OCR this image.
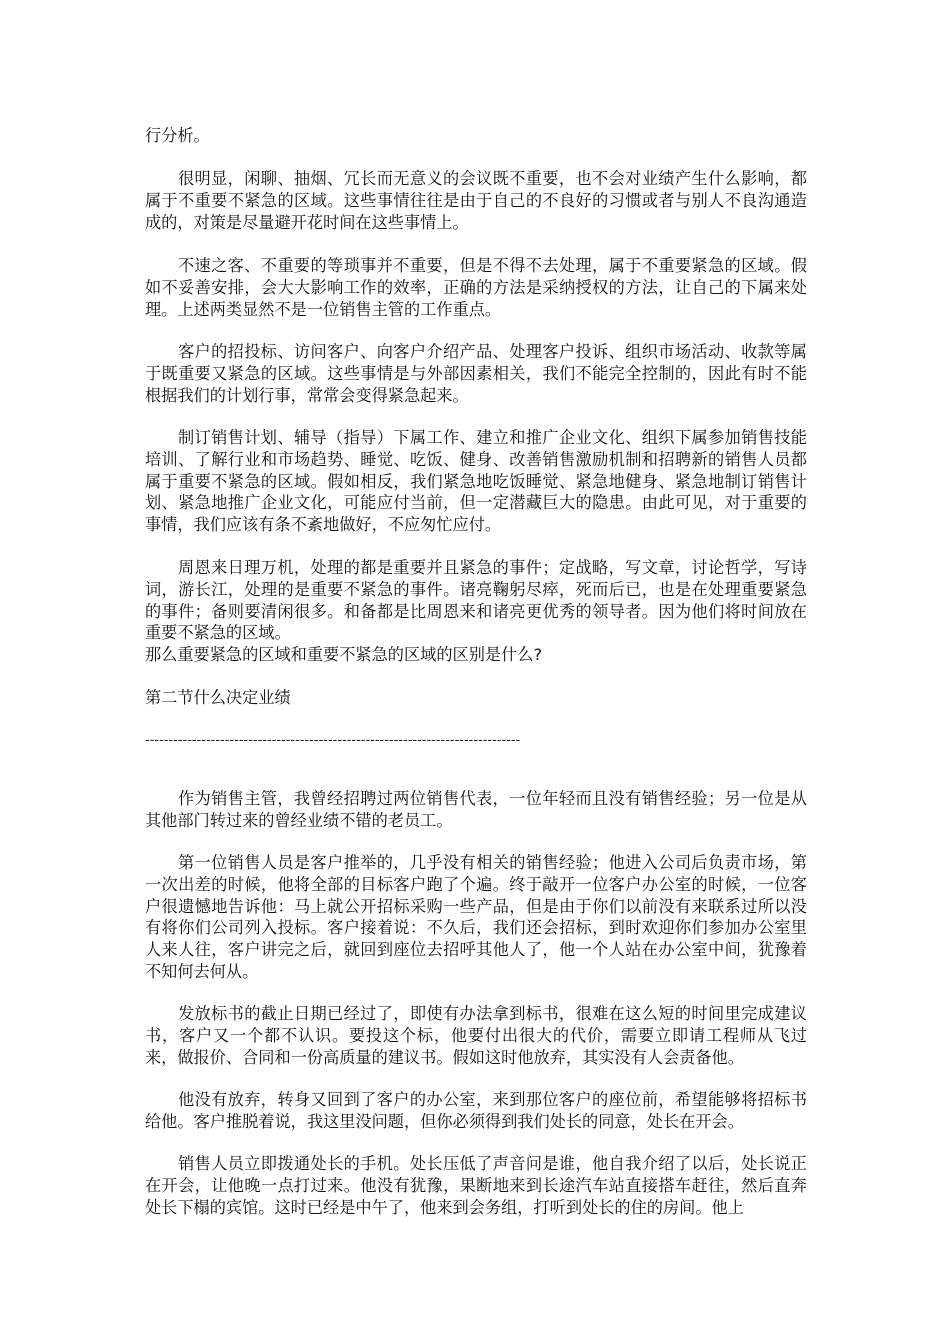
行分析。

很明显，闲聊、抽烟、冗长而无意义的会议既不重要，也不会对业绩产生什么影响，都属于不重要不紧急的区域。这些事情往往是由于自己的不良好的习惯或者与别人不良沟通造成的，对策是尽量避开花时间在这些事情上。

不速之客、不重要的等琐事并不重要，但是不得不去处理，属于不重要紧急的区域。假如不妥善安排，会大大影响工作的效率，正确的方法是采纳授权的方法，让自己的下属来处理。上述两类显然不是一位销售主管的工作重点。

客户的招投标、访问客户、向客户介绍产品、处理客户投诉、组织市场活动、收款等属于既重要又紧急的区域。这些事情是与外部因素相关，我们不能完全控制的，因此有时不能根据我们的计划行事，常常会变得紧急起来。

制订销售计划、辅导（指导）下属工作、建立和推广企业文化、组织下属参加销售技能培训、了解行业和市场趋势、睡觉、吃饭、健身、改善销售激励机制和招聘新的销售人员都属于重要不紧急的区域。假如相反，我们紧急地吃饭睡觉、紧急地健身、紧急地制订销售计划、紧急地推广企业文化，可能应付当前，但一定潜藏巨大的隐患。由此可见，对于重要的事情，我们应该有条不紊地做好，不应匆忙应付。

周恩来日理万机，处理的都是重要并且紧急的事件；定战略，写文章，讨论哲学，写诗词，游长江，处理的是重要不紧急的事件。诸亮鞠躬尽瘁，死而后已，也是在处理重要紧急的事件；备则要清闲很多。和备都是比周恩来和诸亮更优秀的领导者。因为他们将时间放在重要不紧急的区域。

那么重要紧急的区域和重要不紧急的区域的区别是什么?

第二节什么决定业绩

--------------------------------------------------------------------------------

作为销售主管，我曾经招聘过两位销售代表，一位年轻而且没有销售经验；另一位是从其他部门转过来的曾经业绩不错的老员工。

第一位销售人员是客户推举的，几乎没有相关的销售经验；他进入公司后负责市场，第一次出差的时候，他将全部的目标客户跑了个遍。终于敲开一位客户办公室的时候，一位客户很遗憾地告诉他：马上就公开招标采购一些产品，但是由于你们以前没有来联系过所以没有将你们公司列入投标。客户接着说：不久后，我们还会招标，到时欢迎你们参加办公室里人来人往，客户讲完之后，就回到座位去招呼其他人了，他一个人站在办公室中间，犹豫着不知何去何从。

发放标书的截止日期已经过了，即使有办法拿到标书，很难在这么短的时间里完成建议书，客户又一个都不认识。要投这个标，他要付出很大的代价，需要立即请工程师从飞过来，做报价、合同和一份高质量的建议书。假如这时他放弃，其实没有人会责备他。

他没有放弃，转身又回到了客户的办公室，来到那位客户的座位前，希望能够将招标书给他。客户推脱着说，我这里没问题，但你必须得到我们处长的同意，处长在开会。

销售人员立即拨通处长的手机。处长压低了声音问是谁，他自我介绍了以后，处长说正在开会，让他晚一点打过来。他没有犹豫，果断地来到长途汽车站直接搭车赶往，然后直奔处长下榻的宾馆。这时已经是中午了，他来到会务组，打听到处长的住的房间。他上
